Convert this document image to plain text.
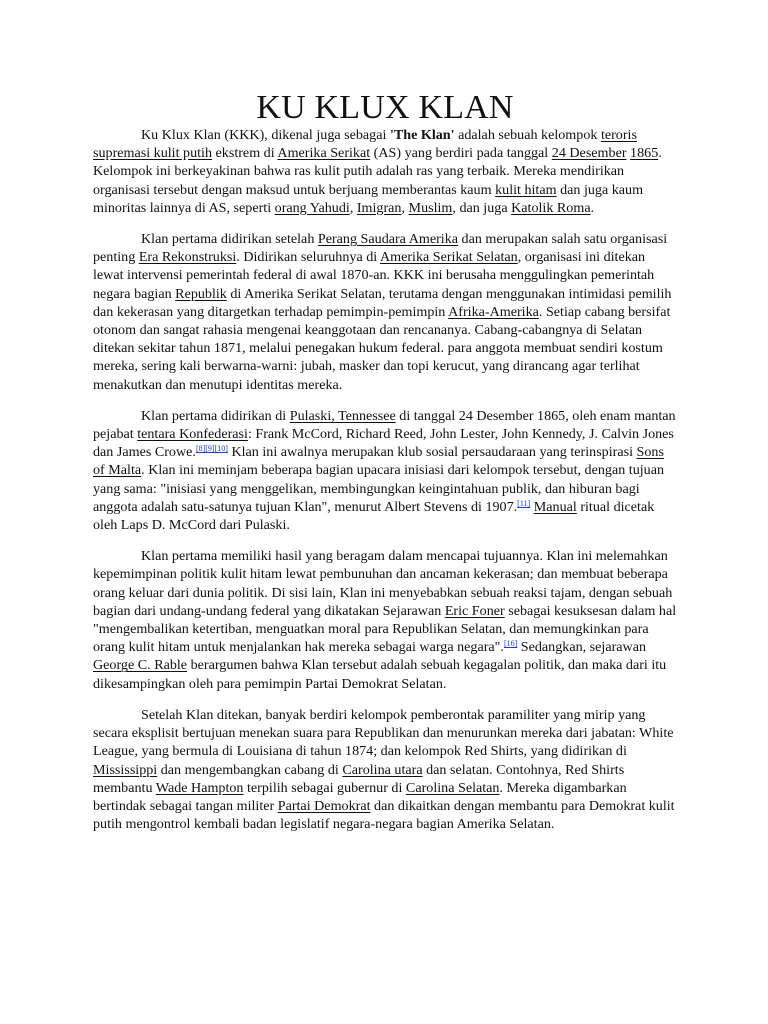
KU KLUX KLAN

Ku Klux Klan (KKK), dikenal juga sebagai 'The Klan' adalah sebuah kelompok teroris supremasi kulit putih ekstrem di Amerika Serikat (AS) yang berdiri pada tanggal 24 Desember 1865. Kelompok ini berkeyakinan bahwa ras kulit putih adalah ras yang terbaik. Mereka mendirikan organisasi tersebut dengan maksud untuk berjuang memberantas kaum kulit hitam dan juga kaum minoritas lainnya di AS, seperti orang Yahudi, Imigran, Muslim, dan juga Katolik Roma.

Klan pertama didirikan setelah Perang Saudara Amerika dan merupakan salah satu organisasi penting Era Rekonstruksi. Didirikan seluruhnya di Amerika Serikat Selatan, organisasi ini ditekan lewat intervensi pemerintah federal di awal 1870-an. KKK ini berusaha menggulingkan pemerintah negara bagian Republik di Amerika Serikat Selatan, terutama dengan menggunakan intimidasi pemilih dan kekerasan yang ditargetkan terhadap pemimpin-pemimpin Afrika-Amerika. Setiap cabang bersifat otonom dan sangat rahasia mengenai keanggotaan dan rencananya. Cabang-cabangnya di Selatan ditekan sekitar tahun 1871, melalui penegakan hukum federal. para anggota membuat sendiri kostum mereka, sering kali berwarna-warni: jubah, masker dan topi kerucut, yang dirancang agar terlihat menakutkan dan menutupi identitas mereka.

Klan pertama didirikan di Pulaski, Tennessee di tanggal 24 Desember 1865, oleh enam mantan pejabat tentara Konfederasi: Frank McCord, Richard Reed, John Lester, John Kennedy, J. Calvin Jones dan James Crowe.[8][9][10] Klan ini awalnya merupakan klub sosial persaudaraan yang terinspirasi Sons of Malta. Klan ini meminjam beberapa bagian upacara inisiasi dari kelompok tersebut, dengan tujuan yang sama: "inisiasi yang menggelikan, membingungkan keingintahuan publik, dan hiburan bagi anggota adalah satu-satunya tujuan Klan", menurut Albert Stevens di 1907.[11] Manual ritual dicetak oleh Laps D. McCord dari Pulaski.

Klan pertama memiliki hasil yang beragam dalam mencapai tujuannya. Klan ini melemahkan kepemimpinan politik kulit hitam lewat pembunuhan dan ancaman kekerasan; dan membuat beberapa orang keluar dari dunia politik. Di sisi lain, Klan ini menyebabkan sebuah reaksi tajam, dengan sebuah bagian dari undang-undang federal yang dikatakan Sejarawan Eric Foner sebagai kesuksesan dalam hal "mengembalikan ketertiban, menguatkan moral para Republikan Selatan, dan memungkinkan para orang kulit hitam untuk menjalankan hak mereka sebagai warga negara".[16] Sedangkan, sejarawan George C. Rable berargumen bahwa Klan tersebut adalah sebuah kegagalan politik, dan maka dari itu dikesampingkan oleh para pemimpin Partai Demokrat Selatan.

Setelah Klan ditekan, banyak berdiri kelompok pemberontak paramiliter yang mirip yang secara eksplisit bertujuan menekan suara para Republikan dan menurunkan mereka dari jabatan: White League, yang bermula di Louisiana di tahun 1874; dan kelompok Red Shirts, yang didirikan di Mississippi dan mengembangkan cabang di Carolina utara dan selatan. Contohnya, Red Shirts membantu Wade Hampton terpilih sebagai gubernur di Carolina Selatan. Mereka digambarkan bertindak sebagai tangan militer Partai Demokrat dan dikaitkan dengan membantu para Demokrat kulit putih mengontrol kembali badan legislatif negara-negara bagian Amerika Selatan.
